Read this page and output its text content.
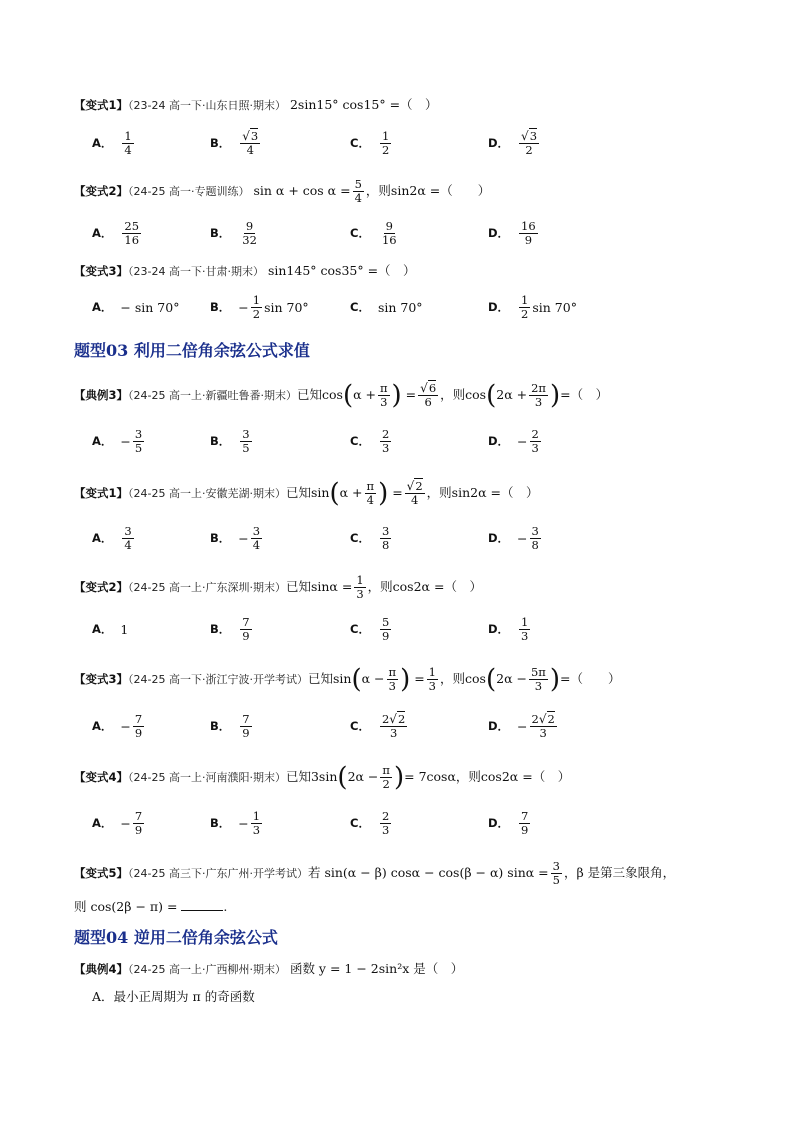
【变式1】（23-24 高一下·山东日照·期末） 2sin15° cos15° =（　）
A． $\frac{1}{4}$	B． $\frac{√3}{4}$	C． $\frac{1}{2}$	D． $\frac{√3}{2}$
【变式2】（24-25 高一·专题训练） $\sin \alpha + \cos \alpha = \frac{5}{4}$ ，则sin2α =（　　）
A． $\frac{25}{16}$	B． $\frac{9}{32}$	C． $\frac{9}{16}$	D． $\frac{16}{9}$
【变式3】（23-24 高一下·甘肃·期末） sin145° cos35° =（　）
A． − sin 70°	B． − $\frac{1}{2}$ sin 70°	C． sin 70°	D． $\frac{1}{2}$ sin 70°
题型03 利用二倍角余弦公式求值
【典例3】（24-25 高一上·新疆吐鲁番·期末）已知$\cos(\alpha + \frac{\pi}{3}$ ) = $\frac{√6}{6}$ ，则$\cos(2\alpha + \frac{2\pi}{3}$ )=（　）
A． − $\frac{3}{5}$	B． $\frac{3}{5}$	C． $\frac{2}{3}$	D． − $\frac{2}{3}$
【变式1】（24-25 高一上·安徽芜湖·期末）已知$\sin(\alpha + \frac{\pi}{4}$ ) = $\frac{√2}{4}$ ，则sin2α =（　）
A． $\frac{3}{4}$	B． − $\frac{3}{4}$	C． $\frac{3}{8}$	D． − $\frac{3}{8}$
【变式2】（24-25 高一上·广东深圳·期末）已知$\sin\alpha = \frac{1}{3}$ ，则cos2α =（　）
A． 1	B． $\frac{7}{9}$	C． $\frac{5}{9}$	D． $\frac{1}{3}$
【变式3】（24-25 高一下·浙江宁波·开学考试）已知$\sin(\alpha - \frac{\pi}{3}$ ) = $\frac{1}{3}$ ，则$\cos(2\alpha - \frac{5\pi}{3}$ )=（　　）
A． − $\frac{7}{9}$	B． $\frac{7}{9}$	C． $\frac{2√2}{3}$	D． − $\frac{2√2}{3}$
【变式4】（24-25 高一上·河南濮阳·期末）已知$3\sin(2\alpha - \frac{\pi}{2}$ )= 7cosα，则cos2α =（　）
A． − $\frac{7}{9}$	B． − $\frac{1}{3}$	C． $\frac{2}{3}$	D． $\frac{7}{9}$
【变式5】（24-25 高三下·广东广州·开学考试）若 sin(α − β) cosα − cos(β − α) $\sin\alpha = \frac{3}{5}$ ，β 是第三象限角，
则 cos(2β − π) =	.
题型04 逆用二倍角余弦公式
【典例4】（24-25 高一上·广西柳州·期末） 函数 y = 1 − 2sin²x 是（　）
A．最小正周期为 π 的奇函数
